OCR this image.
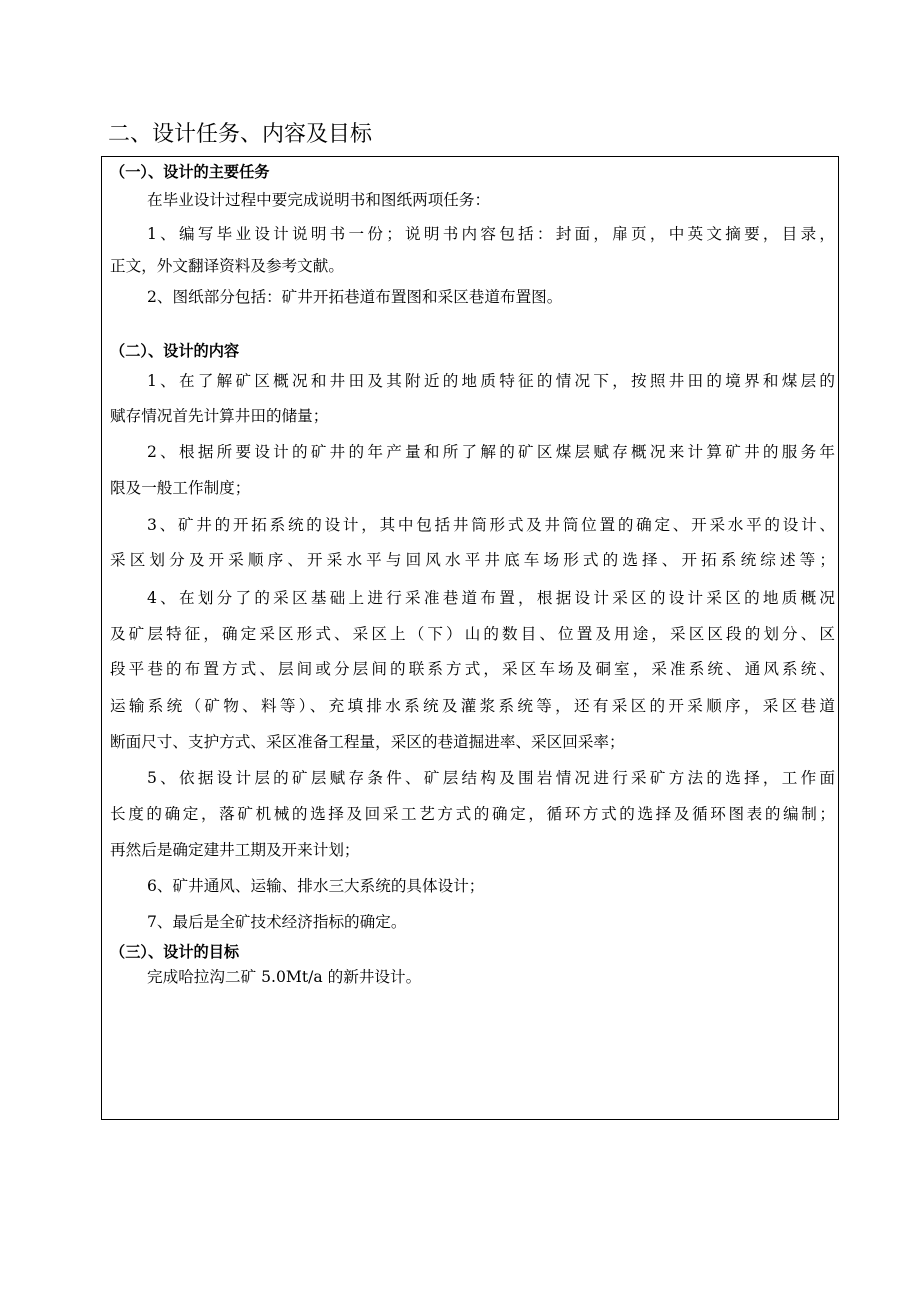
二、设计任务、内容及目标
（一）、设计的主要任务
在毕业设计过程中要完成说明书和图纸两项任务：
1、编写毕业设计说明书一份；说明书内容包括：封面，扉页，中英文摘要，目录，
正文，外文翻译资料及参考文献。
2、图纸部分包括：矿井开拓巷道布置图和采区巷道布置图。
（二）、设计的内容
1、在了解矿区概况和井田及其附近的地质特征的情况下，按照井田的境界和煤层的
赋存情况首先计算井田的储量；
2、根据所要设计的矿井的年产量和所了解的矿区煤层赋存概况来计算矿井的服务年
限及一般工作制度；
3、矿井的开拓系统的设计，其中包括井筒形式及井筒位置的确定、开采水平的设计、
采区划分及开采顺序、开采水平与回风水平井底车场形式的选择、开拓系统综述等；
4、在划分了的采区基础上进行采准巷道布置，根据设计采区的设计采区的地质概况
及矿层特征，确定采区形式、采区上（下）山的数目、位置及用途，采区区段的划分、区
段平巷的布置方式、层间或分层间的联系方式，采区车场及硐室，采准系统、通风系统、
运输系统（矿物、料等）、充填排水系统及灌浆系统等，还有采区的开采顺序，采区巷道
断面尺寸、支护方式、采区准备工程量，采区的巷道掘进率、采区回采率；
5、依据设计层的矿层赋存条件、矿层结构及围岩情况进行采矿方法的选择，工作面
长度的确定，落矿机械的选择及回采工艺方式的确定，循环方式的选择及循环图表的编制；
再然后是确定建井工期及开来计划；
6、矿井通风、运输、排水三大系统的具体设计；
7、最后是全矿技术经济指标的确定。
（三）、设计的目标
完成哈拉沟二矿 5.0Mt/a 的新井设计。
